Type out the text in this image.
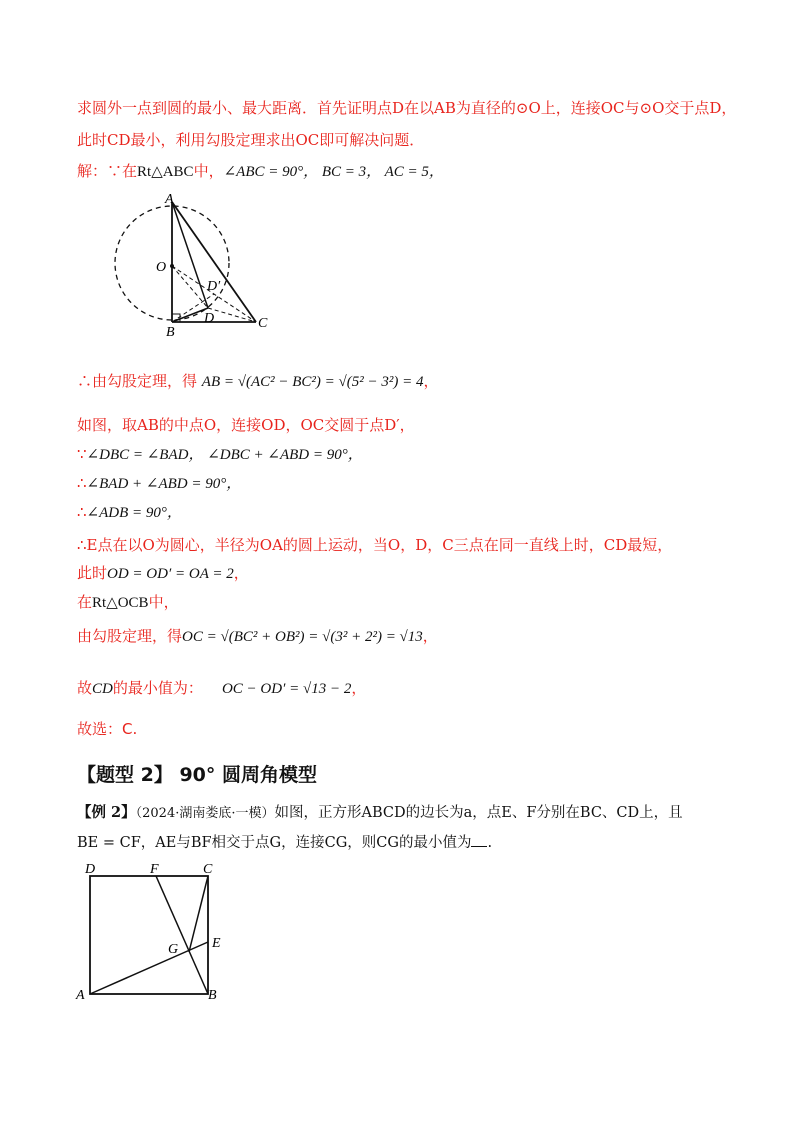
求圆外一点到圆的最小、最大距离．首先证明点D在以AB为直径的⊙O上，连接OC与⊙O交于点D，
此时CD最小，利用勾股定理求出OC即可解决问题．
解：∵在Rt△ABC中，∠ABC = 90°， BC = 3， AC = 5，
A
O
B
C
D
D′
∴由勾股定理，得 AB = √(AC² − BC²) = √(5² − 3²) = 4，
如图，取AB的中点O，连接OD，OC交圆于点D′，
∵∠DBC = ∠BAD， ∠DBC + ∠ABD = 90°，
∴∠BAD + ∠ABD = 90°，
∴∠ADB = 90°，
∴E点在以O为圆心，半径为OA的圆上运动，当O，D，C三点在同一直线上时，CD最短，
此时OD = OD′ = OA = 2，
在Rt△OCB中，
由勾股定理，得OC = √(BC² + OB²) = √(3² + 2²) = √13，
故CD的最小值为： OC − OD′ = √13 − 2，
故选：C.
【题型 2】 90° 圆周角模型
【例 2】（2024·湖南娄底·一模）如图，正方形ABCD的边长为a，点E、F分别在BC、CD上，且
BE = CF，AE与BF相交于点G，连接CG，则CG的最小值为 .
D	F	C
G E
A	B
